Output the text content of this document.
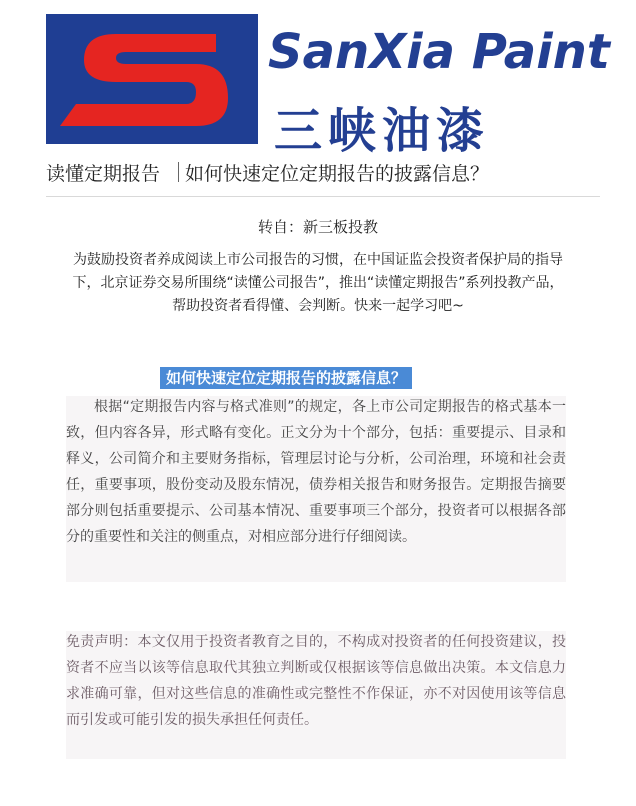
SanXia Paint
三峡油漆
读懂定期报告 如何快速定位定期报告的披露信息？
转自：新三板投教
为鼓励投资者养成阅读上市公司报告的习惯，在中国证监会投资者保护局的指导下，北京证券交易所围绕“读懂公司报告”，推出“读懂定期报告”系列投教产品，帮助投资者看得懂、会判断。快来一起学习吧~
如何快速定位定期报告的披露信息？
根据“定期报告内容与格式准则”的规定，各上市公司定期报告的格式基本一致，但内容各异，形式略有变化。正文分为十个部分，包括：重要提示、目录和释义，公司简介和主要财务指标，管理层讨论与分析，公司治理，环境和社会责任，重要事项，股份变动及股东情况，债券相关报告和财务报告。定期报告摘要部分则包括重要提示、公司基本情况、重要事项三个部分，投资者可以根据各部分的重要性和关注的侧重点，对相应部分进行仔细阅读。
免责声明：本文仅用于投资者教育之目的，不构成对投资者的任何投资建议，投资者不应当以该等信息取代其独立判断或仅根据该等信息做出决策。本文信息力求准确可靠，但对这些信息的准确性或完整性不作保证，亦不对因使用该等信息而引发或可能引发的损失承担任何责任。
